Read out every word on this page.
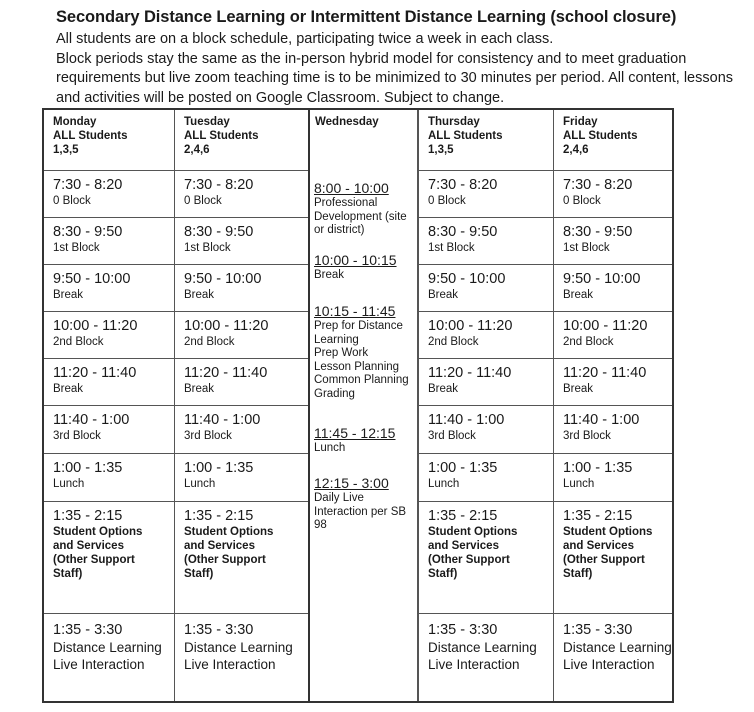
Secondary Distance Learning or Intermittent Distance Learning (school closure)

All students are on a block schedule, participating twice a week in each class.

Block periods stay the same as the in-person hybrid model for consistency and to meet graduation requirements but live zoom teaching time is to be minimized to 30 minutes per period. All content, lessons and activities will be posted on Google Classroom. Subject to change.

Monday
ALL Students
1,3,5
7:30 - 8:20
0 Block
8:30 - 9:50
1st Block
9:50 - 10:00
Break
10:00 - 11:20
2nd Block
11:20 - 11:40
Break
11:40 - 1:00
3rd Block
1:00 - 1:35
Lunch
1:35 - 2:15
Student Options
and Services
(Other Support
Staff)
1:35 - 3:30
Distance Learning
Live Interaction
Tuesday
ALL Students
2,4,6
7:30 - 8:20
0 Block
8:30 - 9:50
1st Block
9:50 - 10:00
Break
10:00 - 11:20
2nd Block
11:20 - 11:40
Break
11:40 - 1:00
3rd Block
1:00 - 1:35
Lunch
1:35 - 2:15
Student Options
and Services
(Other Support
Staff)
1:35 - 3:30
Distance Learning
Live Interaction
Wednesday
8:00 - 10:00
Professional
Development (site
or district)
10:00 - 10:15
Break
10:15 - 11:45
Prep for Distance
Learning
Prep Work
Lesson Planning
Common Planning
Grading
11:45 - 12:15
Lunch
12:15 - 3:00
Daily Live
Interaction per SB
98
Thursday
ALL Students
1,3,5
7:30 - 8:20
0 Block
8:30 - 9:50
1st Block
9:50 - 10:00
Break
10:00 - 11:20
2nd Block
11:20 - 11:40
Break
11:40 - 1:00
3rd Block
1:00 - 1:35
Lunch
1:35 - 2:15
Student Options
and Services
(Other Support
Staff)
1:35 - 3:30
Distance Learning
Live Interaction
Friday
ALL Students
2,4,6
7:30 - 8:20
0 Block
8:30 - 9:50
1st Block
9:50 - 10:00
Break
10:00 - 11:20
2nd Block
11:20 - 11:40
Break
11:40 - 1:00
3rd Block
1:00 - 1:35
Lunch
1:35 - 2:15
Student Options
and Services
(Other Support
Staff)
1:35 - 3:30
Distance Learning
Live Interaction
